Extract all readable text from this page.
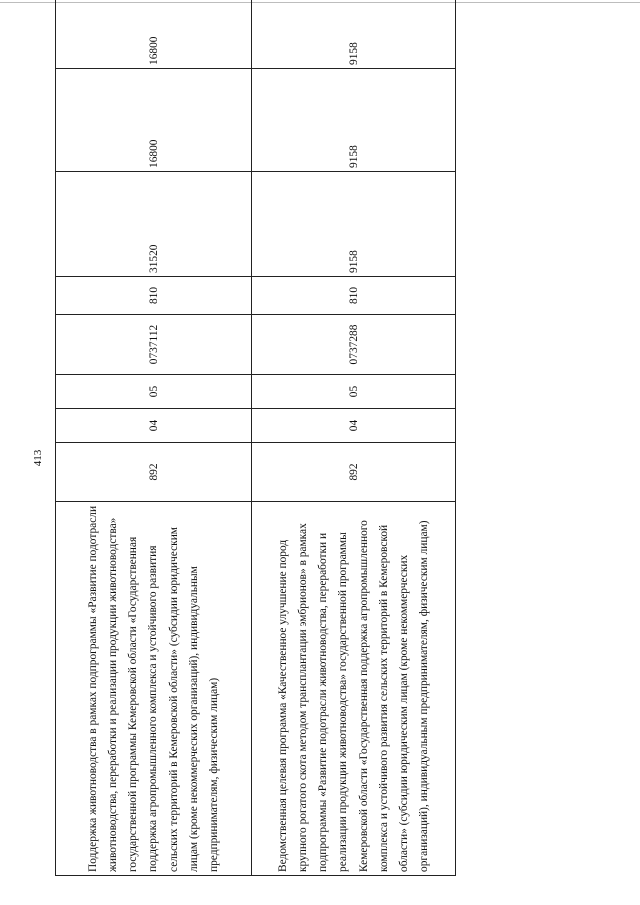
413
Поддержка животноводства в рамках подпрограммы «Развитие подотрасли животноводства, переработки и реализации продукции животноводства» государственной программы Кемеровской области «Государственная поддержка агропромышленного комплекса и устойчивого развития сельских территорий в Кемеровской области» (субсидии юридическим лицам (кроме некоммерческих организаций), индивидуальным предпринимателям, физическим лицам)	892	04	05	0737112	810	31520	16800	16800
Ведомственная целевая программа «Качественное улучшение пород крупного рогатого скота методом трансплантации эмбрионов» в рамках подпрограммы «Развитие подотрасли животноводства, переработки и реализации продукции животноводства» государственной программы Кемеровской области «Государственная поддержка агропромышленного комплекса и устойчивого развития сельских территорий в Кемеровской области» (субсидии юридическим лицам (кроме некоммерческих организаций), индивидуальным предпринимателям, физическим лицам)	892	04	05	0737288	810	9158	9158	9158
